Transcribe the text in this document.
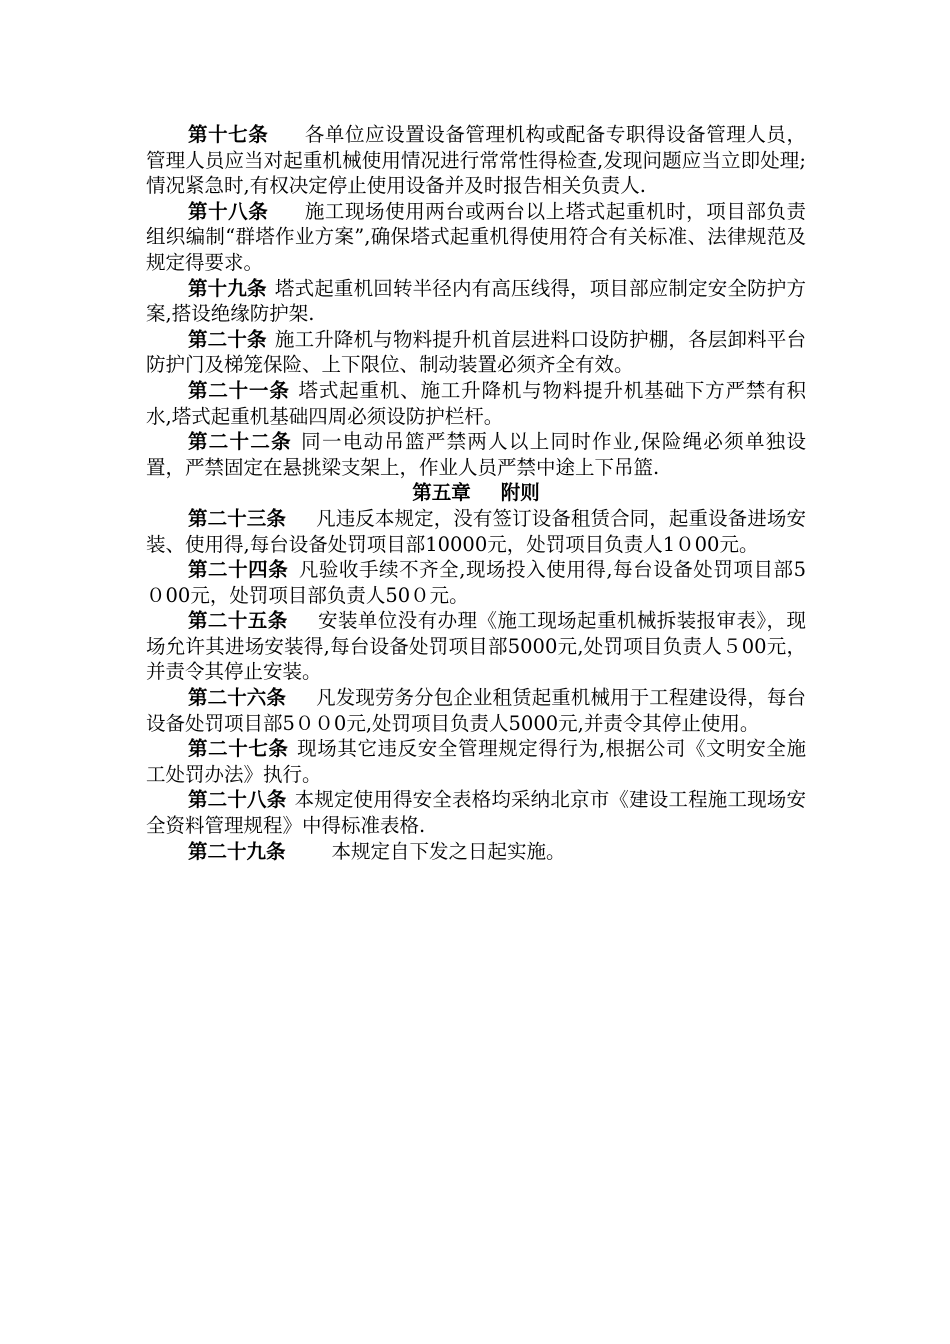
第十七条 各单位应设置设备管理机构或配备专职得设备管理人员，管理人员应当对起重机械使用情况进行常常性得检查,发现问题应当立即处理;情况紧急时,有权决定停止使用设备并及时报告相关负责人.

第十八条 施工现场使用两台或两台以上塔式起重机时，项目部负责组织编制“群塔作业方案”,确保塔式起重机得使用符合有关标准、法律规范及规定得要求。

第十九条 塔式起重机回转半径内有高压线得，项目部应制定安全防护方案,搭设绝缘防护架.

第二十条 施工升降机与物料提升机首层进料口设防护棚，各层卸料平台防护门及梯笼保险、上下限位、制动装置必须齐全有效。

第二十一条 塔式起重机、施工升降机与物料提升机基础下方严禁有积水,塔式起重机基础四周必须设防护栏杆。

第二十二条 同一电动吊篮严禁两人以上同时作业,保险绳必须单独设置，严禁固定在悬挑梁支架上，作业人员严禁中途上下吊篮.

第五章 附则

第二十三条 凡违反本规定，没有签订设备租赁合同，起重设备进场安装、使用得,每台设备处罚项目部10000元，处罚项目负责人1０00元。

第二十四条 凡验收手续不齐全,现场投入使用得,每台设备处罚项目部5０00元，处罚项目部负责人50０元。

第二十五条 安装单位没有办理《施工现场起重机械拆装报审表》，现场允许其进场安装得,每台设备处罚项目部5000元,处罚项目负责人５00元，并责令其停止安装。

第二十六条 凡发现劳务分包企业租赁起重机械用于工程建设得，每台设备处罚项目部5００0元,处罚项目负责人5000元,并责令其停止使用。

第二十七条 现场其它违反安全管理规定得行为,根据公司《文明安全施工处罚办法》执行。

第二十八条 本规定使用得安全表格均采纳北京市《建设工程施工现场安全资料管理规程》中得标准表格.

第二十九条 本规定自下发之日起实施。
